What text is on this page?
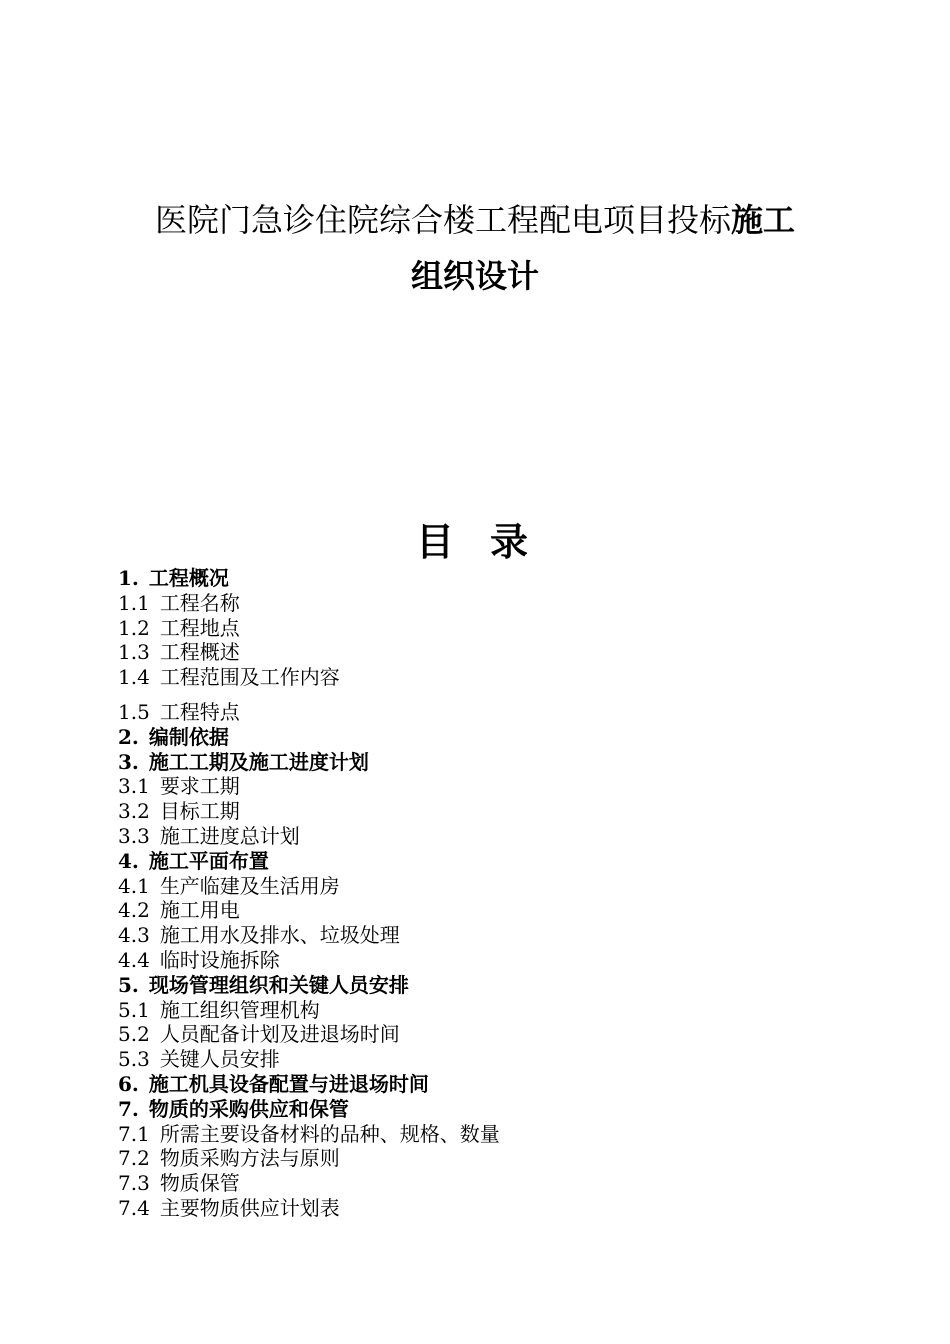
医院门急诊住院综合楼工程配电项目投标施工
组织设计
目录
1. 工程概况
1.1 工程名称
1.2 工程地点
1.3 工程概述
1.4 工程范围及工作内容
1.5 工程特点
2. 编制依据
3. 施工工期及施工进度计划
3.1 要求工期
3.2 目标工期
3.3 施工进度总计划
4. 施工平面布置
4.1 生产临建及生活用房
4.2 施工用电
4.3 施工用水及排水、垃圾处理
4.4 临时设施拆除
5. 现场管理组织和关键人员安排
5.1 施工组织管理机构
5.2 人员配备计划及进退场时间
5.3 关键人员安排
6. 施工机具设备配置与进退场时间
7. 物质的采购供应和保管
7.1 所需主要设备材料的品种、规格、数量
7.2 物质采购方法与原则
7.3 物质保管
7.4 主要物质供应计划表
